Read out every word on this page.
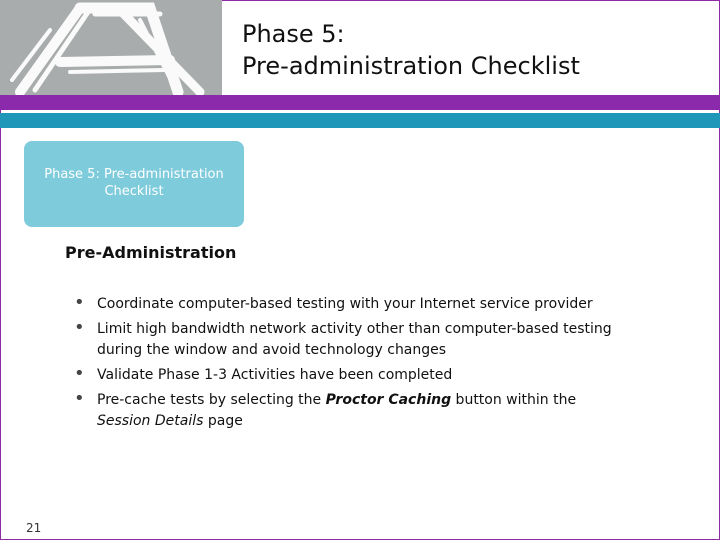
Phase 5:
Pre-administration Checklist
Phase 5: Pre-administration
Checklist
Pre-Administration
• Coordinate computer-based testing with your Internet service provider
• Limit high bandwidth network activity other than computer-based testing
during the window and avoid technology changes
• Validate Phase 1-3 Activities have been completed
• Pre-cache tests by selecting the Proctor Caching button within the
Session Details page
21
